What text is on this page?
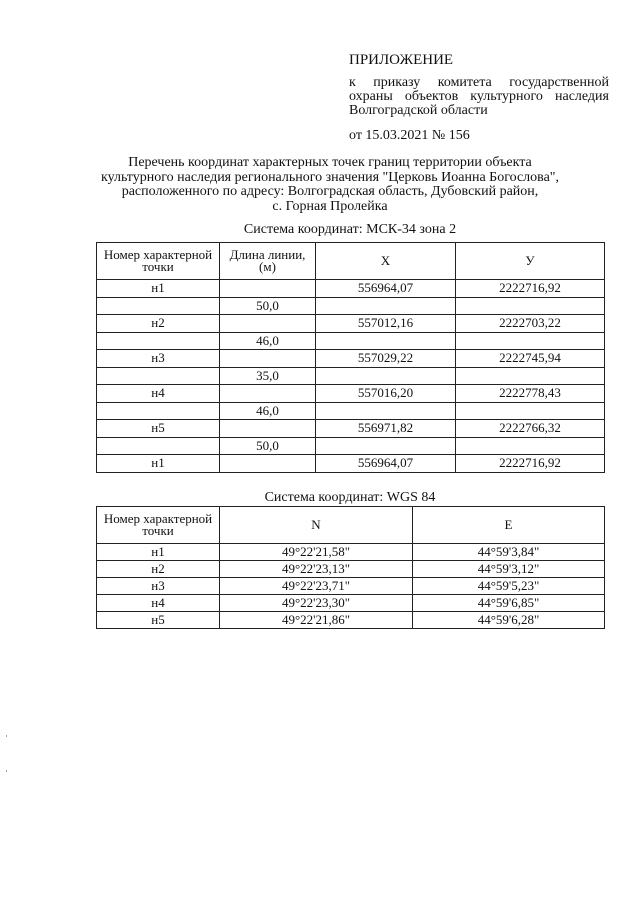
ПРИЛОЖЕНИЕ
к приказу комитета государственной
охраны объектов культурного наследия
Волгоградской области
от 15.03.2021 № 156
Перечень координат характерных точек границ территории объекта
культурного наследия регионального значения "Церковь Иоанна Богослова",
расположенного по адресу: Волгоградская область, Дубовский район,
с. Горная Пролейка
Система координат: МСК-34 зона 2
Номер характерной точки	Длина линии, (м)	X	У
н1		556964,07	2222716,92
	50,0		
н2		557012,16	2222703,22
	46,0		
н3		557029,22	2222745,94
	35,0		
н4		557016,20	2222778,43
	46,0		
н5		556971,82	2222766,32
	50,0		
н1		556964,07	2222716,92
Система координат: WGS 84
Номер характерной точки	N	E
н1	49°22'21,58"	44°59'3,84"
н2	49°22'23,13"	44°59'3,12"
н3	49°22'23,71"	44°59'5,23"
н4	49°22'23,30"	44°59'6,85"
н5	49°22'21,86"	44°59'6,28"
